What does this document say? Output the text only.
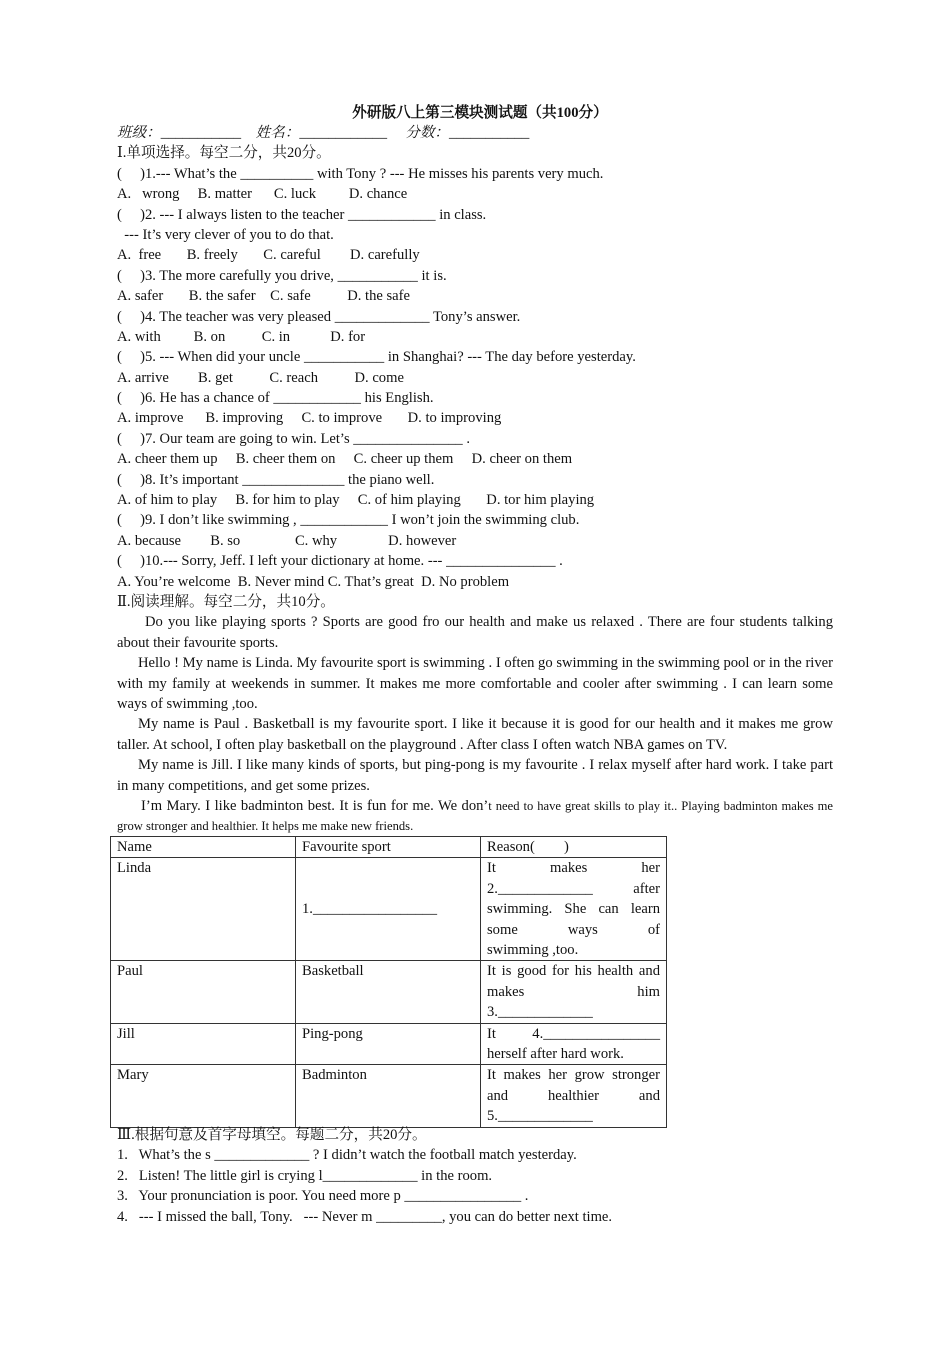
外研版八上第三模块测试题（共100分）
班级：___________    姓名：____________     分数：___________
Ⅰ.单项选择。每空二分，共20分。
(     )1.--- What’s the __________ with Tony ? --- He misses his parents very much.
A.   wrong     B. matter      C. luck         D. chance
(     )2. --- I always listen to the teacher ____________ in class.
--- It’s very clever of you to do that.
A.  free       B. freely       C. careful        D. carefully
(     )3. The more carefully you drive, ___________ it is.
A. safer       B. the safer    C. safe          D. the safe
(     )4. The teacher was very pleased _____________ Tony’s answer.
A. with         B. on          C. in           D. for
(     )5. --- When did your uncle ___________ in Shanghai? --- The day before yesterday.
A. arrive        B. get          C. reach          D. come
(     )6. He has a chance of ____________ his English.
A. improve      B. improving     C. to improve       D. to improving
(     )7. Our team are going to win. Let’s _______________ .
A. cheer them up     B. cheer them on     C. cheer up them     D. cheer on them
(     )8. It’s important ______________ the piano well.
A. of him to play     B. for him to play     C. of him playing       D. tor him playing
(     )9. I don’t like swimming , ____________ I won’t join the swimming club.
A. because        B. so               C. why              D. however
(     )10.--- Sorry, Jeff. I left your dictionary at home. --- _______________ .
A. You’re welcome  B. Never mind C. That’s great  D. No problem
Ⅱ.阅读理解。每空二分，共10分。
Do you like playing sports ? Sports are good fro our health and make us relaxed . There are four students talking about their favourite sports.
Hello ! My name is Linda. My favourite sport is swimming . I often go swimming in the swimming pool or in the river with my family at weekends in summer. It makes me more comfortable and cooler after swimming . I can learn some ways of swimming ,too.
My name is Paul . Basketball is my favourite sport. I like it because it is good for our health and it makes me grow taller. At school, I often play basketball on the playground . After class I often watch NBA games on TV.
My name is Jill. I like many kinds of sports, but ping-pong is my favourite . I relax myself after hard work. I take part in many competitions, and get some prizes.
I’m Mary. I like badminton best. It is fun for me. We don’t need to have great skills to play it.. Playing badminton makes me grow stronger and healthier. It helps me make new friends.
Name	Favourite sport	Reason(        )
Linda	1._________________	It makes her 2._____________ after swimming. She can learn some ways of
swimming ,too.

Paul	Basketball	It is good for his health and makes him
3._____________

Jill	Ping-pong	It    4.________________
herself after hard work.

Mary	Badminton	It makes her grow stronger and healthier and
5._____________
Ⅲ.根据句意及首字母填空。每题二分，共20分。
1.   What’s the s _____________ ? I didn’t watch the football match yesterday.
2.   Listen! The little girl is crying l_____________ in the room.
3.   Your pronunciation is poor. You need more p ________________ .
4.   --- I missed the ball, Tony.   --- Never m _________, you can do better next time.
